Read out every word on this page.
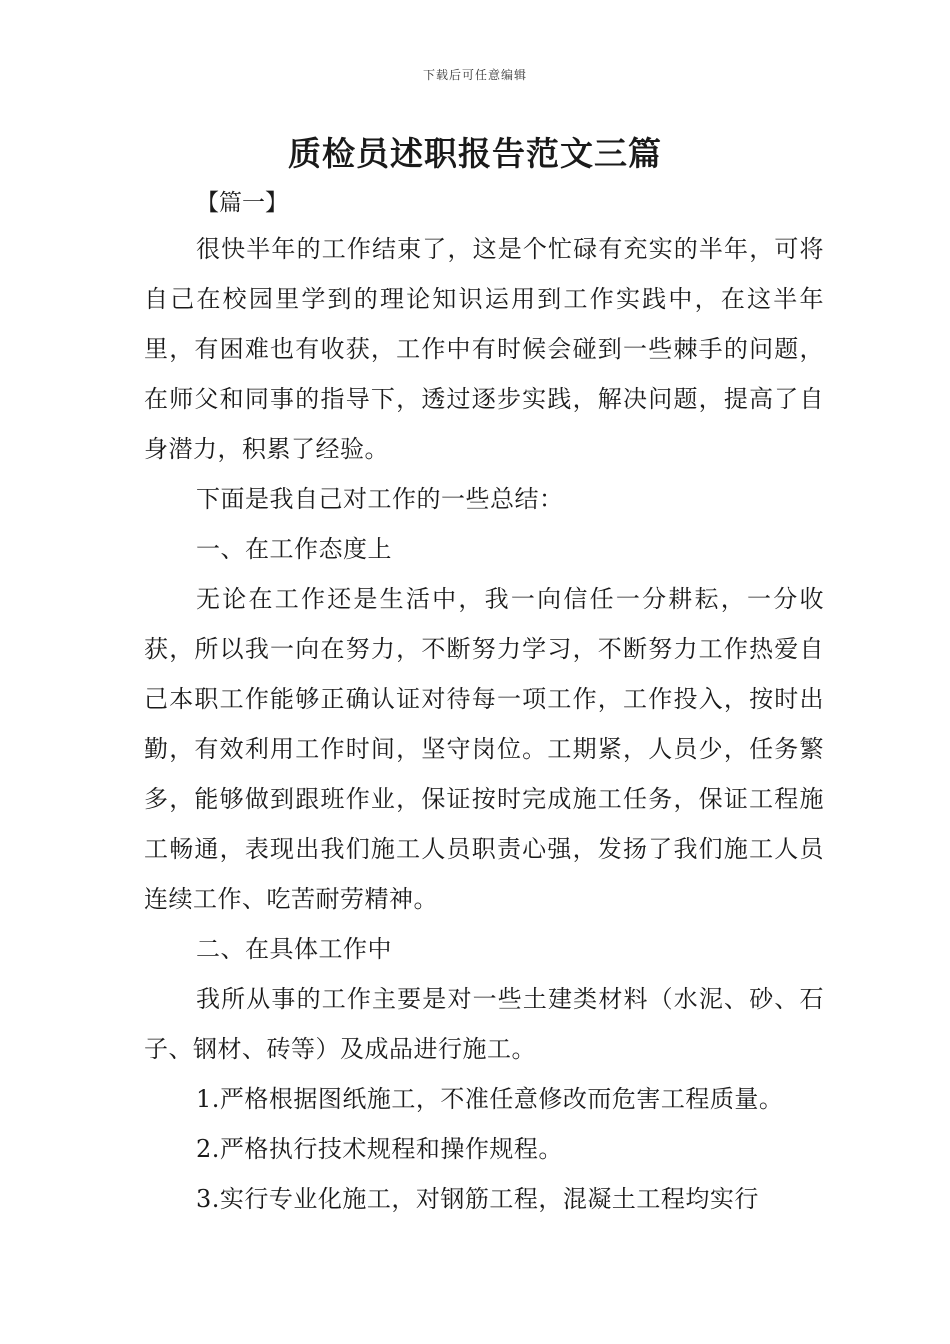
下载后可任意编辑
质检员述职报告范文三篇

【篇一】

很快半年的工作结束了，这是个忙碌有充实的半年，可将自己在校园里学到的理论知识运用到工作实践中，在这半年里，有困难也有收获，工作中有时候会碰到一些棘手的问题，在师父和同事的指导下，透过逐步实践，解决问题，提高了自身潜力，积累了经验。

下面是我自己对工作的一些总结：

一、在工作态度上

无论在工作还是生活中，我一向信任一分耕耘，一分收获，所以我一向在努力，不断努力学习，不断努力工作热爱自己本职工作能够正确认证对待每一项工作，工作投入，按时出勤，有效利用工作时间，坚守岗位。工期紧，人员少，任务繁多，能够做到跟班作业，保证按时完成施工任务，保证工程施工畅通，表现出我们施工人员职责心强，发扬了我们施工人员连续工作、吃苦耐劳精神。

二、在具体工作中

我所从事的工作主要是对一些土建类材料（水泥、砂、石子、钢材、砖等）及成品进行施工。

1.严格根据图纸施工，不准任意修改而危害工程质量。

2.严格执行技术规程和操作规程。

3.实行专业化施工，对钢筋工程，混凝土工程均实行
